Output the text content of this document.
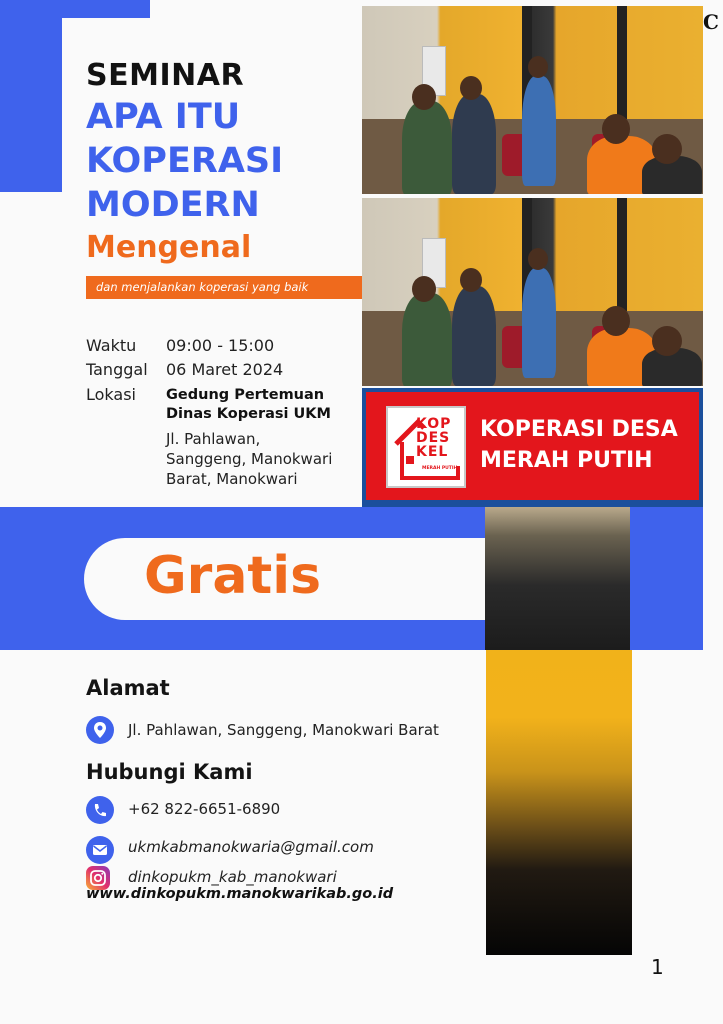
SEMINAR
APA ITU
KOPERASI
MODERN
Mengenal
dan menjalankan koperasi yang baik
Waktu 09:00 - 15:00
Tanggal 06 Maret 2024
Lokasi Gedung Pertemuan
Dinas Koperasi UKM
Jl. Pahlawan,
Sanggeng, Manokwari
Barat, Manokwari
C
KOP
DES
KEL
MERAH PUTIH
KOPERASI DESA
MERAH PUTIH
Gratis
Alamat
Jl. Pahlawan, Sanggeng, Manokwari Barat
Hubungi Kami
+62 822-6651-6890
ukmkabmanokwaria@gmail.com
dinkopukm_kab_manokwari
www.dinkopukm.manokwarikab.go.id
1
